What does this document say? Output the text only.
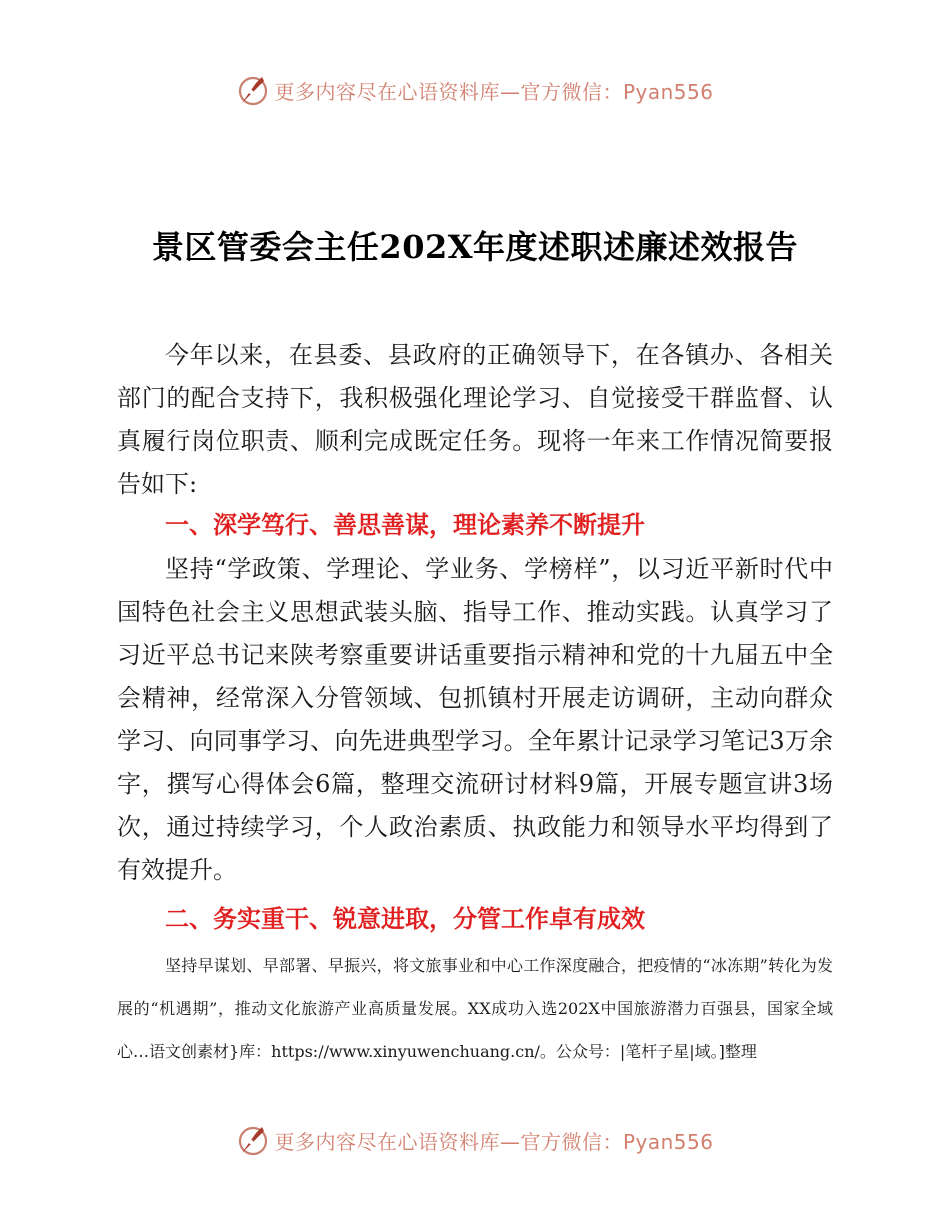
更多内容尽在心语资料库—官方微信：Pyan556
景区管委会主任202X年度述职述廉述效报告

今年以来，在县委、县政府的正确领导下，在各镇办、各相关部门的配合支持下，我积极强化理论学习、自觉接受干群监督、认真履行岗位职责、顺利完成既定任务。现将一年来工作情况简要报告如下:

一、深学笃行、善思善谋，理论素养不断提升

坚持“学政策、学理论、学业务、学榜样”，以习近平新时代中国特色社会主义思想武装头脑、指导工作、推动实践。认真学习了习近平总书记来陕考察重要讲话重要指示精神和党的十九届五中全会精神，经常深入分管领域、包抓镇村开展走访调研，主动向群众学习、向同事学习、向先进典型学习。全年累计记录学习笔记3万余字，撰写心得体会6篇，整理交流研讨材料9篇，开展专题宣讲3场次，通过持续学习，个人政治素质、执政能力和领导水平均得到了有效提升。

二、务实重干、锐意进取，分管工作卓有成效

坚持早谋划、早部署、早振兴，将文旅事业和中心工作深度融合，把疫情的“冰冻期”转化为发展的“机遇期”，推动文化旅游产业高质量发展。XX成功入选202X中国旅游潜力百强县，国家全域心…语文创素材}库：https://www.xinyuwenchuang.cn/。公众号：|笔杆子星|域。]整理

更多内容尽在心语资料库—官方微信：Pyan556
